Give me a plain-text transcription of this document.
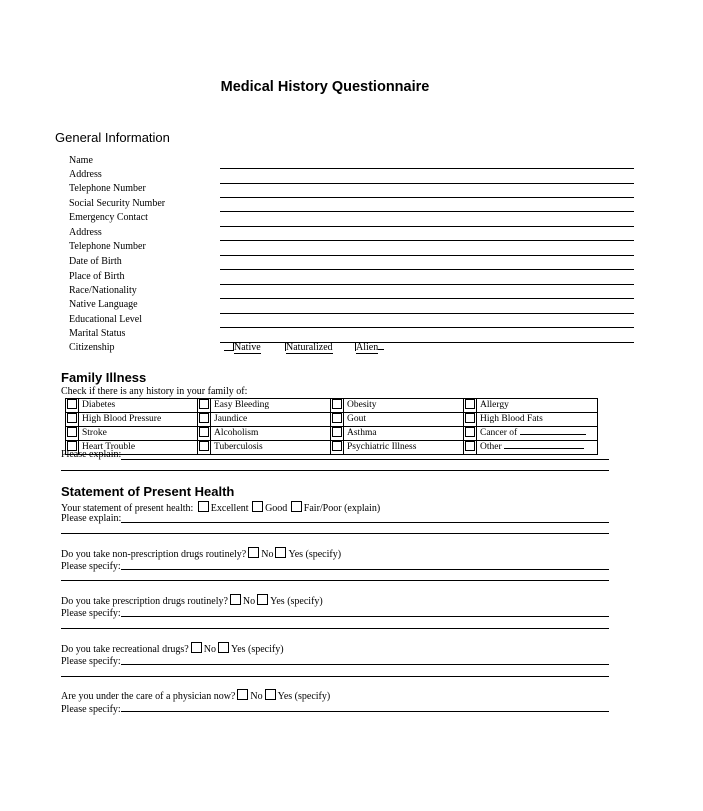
Medical History Questionnaire
General Information
Name
Address
Telephone Number
Social Security Number
Emergency Contact
Address
Telephone Number
Date of Birth
Place of Birth
Race/Nationality
Native Language
Educational Level
Marital Status
Citizenship	Native	Naturalized	Alien
Family Illness
Check if there is any history in your family of:
	Diabetes		Easy Bleeding		Obesity		Allergy
	High Blood Pressure		Jaundice		Gout		High Blood Fats
	Stroke		Alcoholism		Asthma		Cancer of
	Heart Trouble		Tuberculosis		Psychiatric Illness		Other
Please explain:
Statement of Present Health
Your statement of present health: Excellent Good Fair/Poor (explain)
Please explain:
Do you take non-prescription drugs routinely? No Yes (specify)
Please specify:
Do you take prescription drugs routinely? No Yes (specify)
Please specify:
Do you take recreational drugs? No Yes (specify)
Please specify:
Are you under the care of a physician now? No Yes (specify)
Please specify:
